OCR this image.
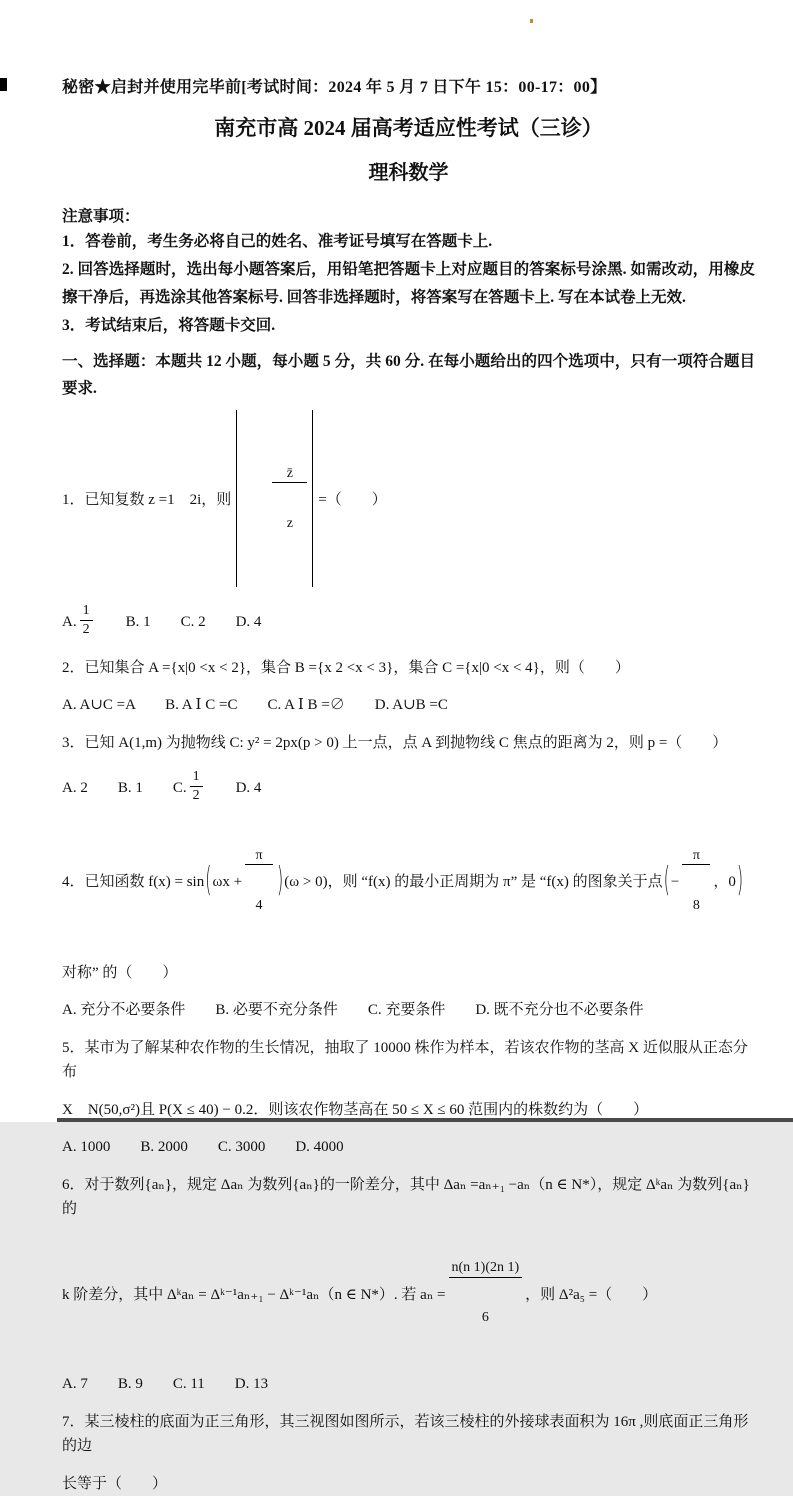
秘密★启封并使用完毕前[考试时间：2024 年 5 月 7 日下午 15：00-17：00】
南充市高 2024 届高考适应性考试（三诊）
理科数学
注意事项：
1．答卷前，考生务必将自己的姓名、准考证号填写在答题卡上.
2. 回答选择题时，选出每小题答案后，用铅笔把答题卡上对应题目的答案标号涂黑. 如需改动，用橡皮擦干净后，再选涂其他答案标号. 回答非选择题时，将答案写在答题卡上. 写在本试卷上无效.
3．考试结束后，将答题卡交回.
一、选择题：本题共 12 小题，每小题 5 分，共 60 分. 在每小题给出的四个选项中，只有一项符合题目要求.
1．已知复数 z =1　2i，则

	$\frac{z̄}{z}$

=（　　）
A. $\frac{1}{2}$ 　　B. 1　　C. 2　　D. 4
2．已知集合 A ={x|0 <x < 2}，集合 B ={x 2 <x < 3}，集合 C ={x|0 <x < 4}，则（　　）
A. A∪C =A　　B. A Ⅰ C =C　　C. A Ⅰ B =∅　　D. A∪B =C
3．已知 A(1,m) 为抛物线 C: y² = 2px(p > 0) 上一点，点 A 到抛物线 C 焦点的距离为 2，则 p =（　　）
A. 2　　B. 1　　C. $\frac{1}{2}$ 　　D. 4
4．已知函数 f(x) = sin ( ωx +

$\frac{\pi}{4}$

) (ω > 0)，则 “f(x) 的最小正周期为 π” 是 “f(x) 的图象关于点 ( −

$\frac{\pi}{8}$

，0 )
对称” 的（　　）
A. 充分不必要条件　　B. 必要不充分条件　　C. 充要条件　　D. 既不充分也不必要条件
5．某市为了解某种农作物的生长情况，抽取了 10000 株作为样本，若该农作物的茎高 X 近似服从正态分布
X　N(50,σ²)且 P(X ≤ 40) − 0.2．则该农作物茎高在 50 ≤ X ≤ 60 范围内的株数约为（　　）
A. 1000　　B. 2000　　C. 3000　　D. 4000
6．对于数列{aₙ}，规定 Δaₙ 为数列{aₙ}的一阶差分，其中 Δaₙ =aₙ₊₁ −aₙ（n ∈ N*），规定 Δᵏaₙ 为数列{aₙ}的
k 阶差分，其中 Δᵏaₙ = Δᵏ⁻¹aₙ₊₁ − Δᵏ⁻¹aₙ（n ∈ N*）. 若 aₙ =

$\frac{n(n 1)(2n 1)}{6}$

，则 Δ²a₅ =（　　）
A. 7　　B. 9　　C. 11　　D. 13
7．某三棱柱的底面为正三角形，其三视图如图所示，若该三棱柱的外接球表面积为 16π ,则底面正三角形的边
长等于（　　）
